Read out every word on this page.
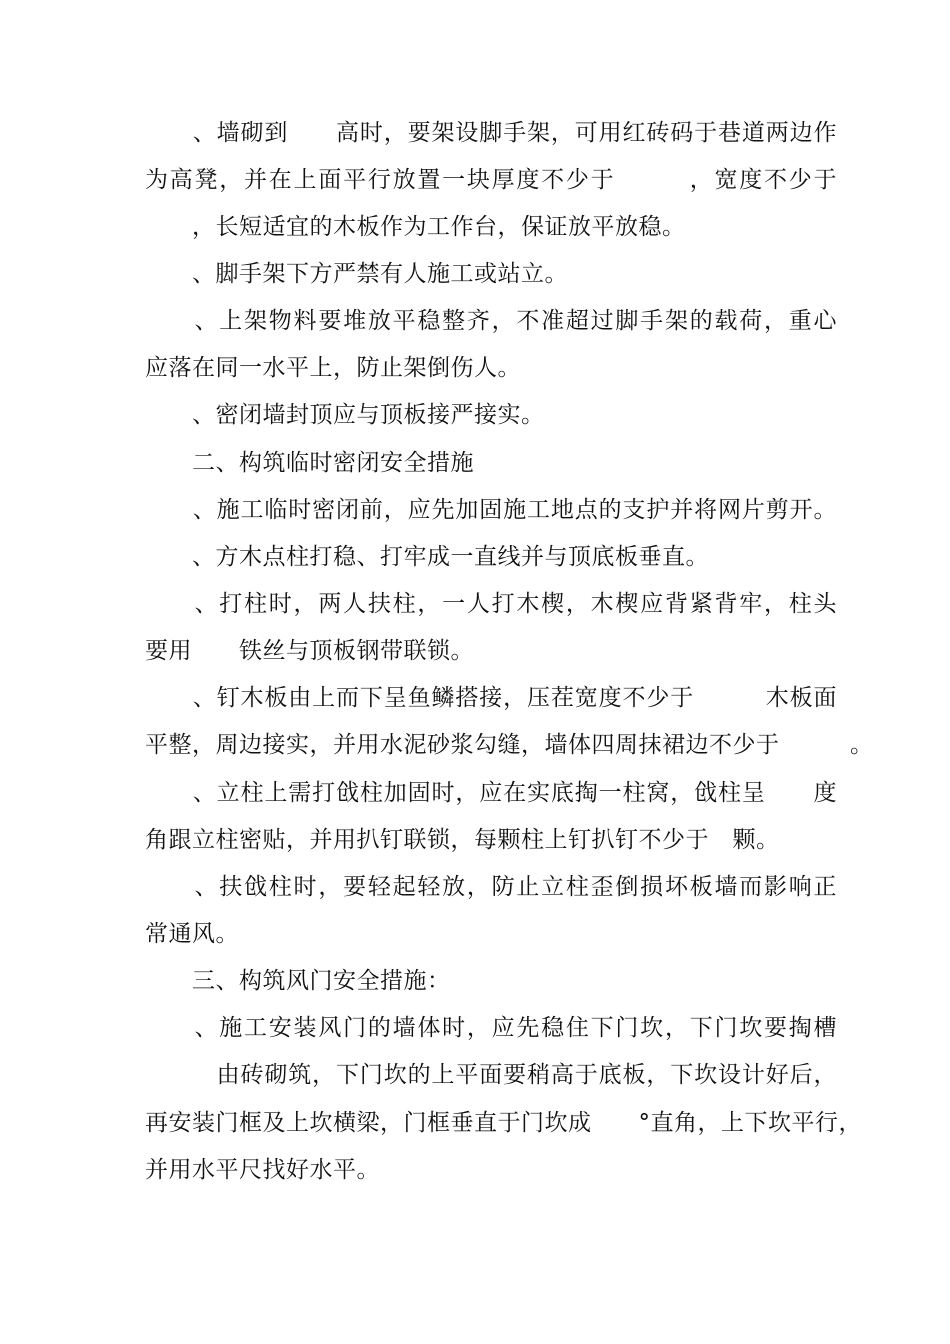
　　、墙砌到　　高时，要架设脚手架，可用红砖码于巷道两边作
为高凳，并在上面平行放置一块厚度不少于　　　，宽度不少于
　　，长短适宜的木板作为工作台，保证放平放稳。
　　、脚手架下方严禁有人施工或站立。
　　、上架物料要堆放平稳整齐，不准超过脚手架的载荷，重心
应落在同一水平上，防止架倒伤人。
　　、密闭墙封顶应与顶板接严接实。
　　二、构筑临时密闭安全措施
　　、施工临时密闭前，应先加固施工地点的支护并将网片剪开。
　　、方木点柱打稳、打牢成一直线并与顶底板垂直。
　　、打柱时，两人扶柱，一人打木楔，木楔应背紧背牢，柱头
要用　　铁丝与顶板钢带联锁。
　　、钉木板由上而下呈鱼鳞搭接，压茬宽度不少于　　　木板面
平整，周边接实，并用水泥砂浆勾缝，墙体四周抹裙边不少于　　　。
　　、立柱上需打戗柱加固时，应在实底掏一柱窝，戗柱呈　　度
角跟立柱密贴，并用扒钉联锁，每颗柱上钉扒钉不少于　颗。
　　、扶戗柱时，要轻起轻放，防止立柱歪倒损坏板墙而影响正
常通风。
　　三、构筑风门安全措施：
　　、施工安装风门的墙体时，应先稳住下门坎，下门坎要掏槽
　　　由砖砌筑，下门坎的上平面要稍高于底板，下坎设计好后，
再安装门框及上坎横梁，门框垂直于门坎成　　°直角，上下坎平行，
并用水平尺找好水平。
